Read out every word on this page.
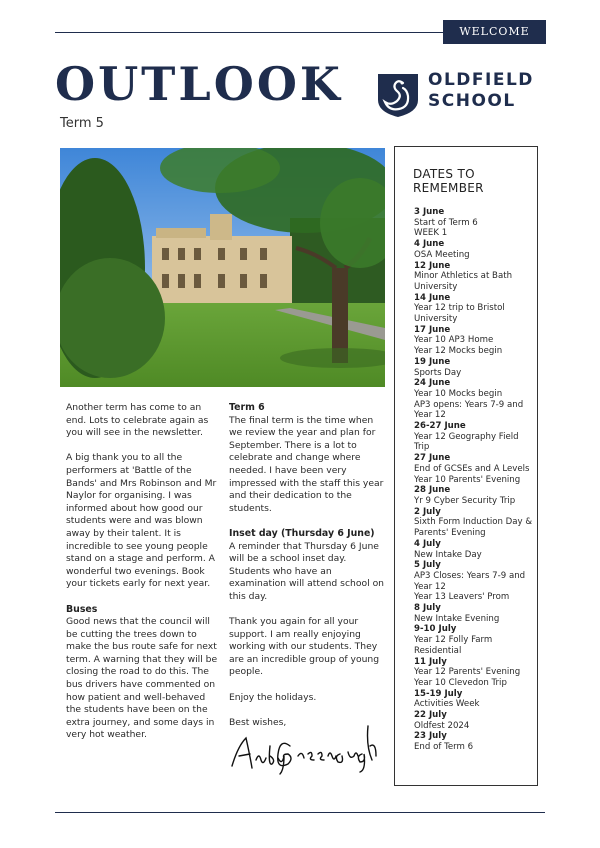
WELCOME
OUTLOOK
Term 5
OLDFIELD
SCHOOL

Another term has come to an end. Lots to celebrate again as you will see in the newsletter.

A big thank you to all the performers at 'Battle of the Bands' and Mrs Robinson and Mr Naylor for organising. I was informed about how good our students were and was blown away by their talent. It is incredible to see young people stand on a stage and perform. A wonderful two evenings. Book your tickets early for next year.

Buses

Good news that the council will be cutting the trees down to make the bus route safe for next term. A warning that they will be closing the road to do this. The bus drivers have commented on how patient and well-behaved the students have been on the extra journey, and some days in very hot weather.

Term 6

The final term is the time when we review the year and plan for September. There is a lot to celebrate and change where needed. I have been very impressed with the staff this year and their dedication to the students.

Inset day (Thursday 6 June)

A reminder that Thursday 6 June will be a school inset day. Students who have an examination will attend school on this day.

Thank you again for all your support. I am really enjoying working with our students. They are an incredible group of young people.

Enjoy the holidays.

Best wishes,

DATES TO
REMEMBER
3 June
Start of Term 6
WEEK 1
4 June
OSA Meeting
12 June
Minor Athletics at Bath University
14 June
Year 12 trip to Bristol University
17 June
Year 10 AP3 Home
Year 12 Mocks begin
19 June
Sports Day
24 June
Year 10 Mocks begin
AP3 opens: Years 7-9 and Year 12
26-27 June
Year 12 Geography Field Trip
27 June
End of GCSEs and A Levels
Year 10 Parents' Evening
28 June
Yr 9 Cyber Security Trip
2 July
Sixth Form Induction Day & Parents' Evening
4 July
New Intake Day
5 July
AP3 Closes: Years 7-9 and Year 12
Year 13 Leavers' Prom
8 July
New Intake Evening
9-10 July
Year 12 Folly Farm Residential
11 July
Year 12 Parents' Evening
Year 10 Clevedon Trip
15-19 July
Activities Week
22 July
Oldfest 2024
23 July
End of Term 6
